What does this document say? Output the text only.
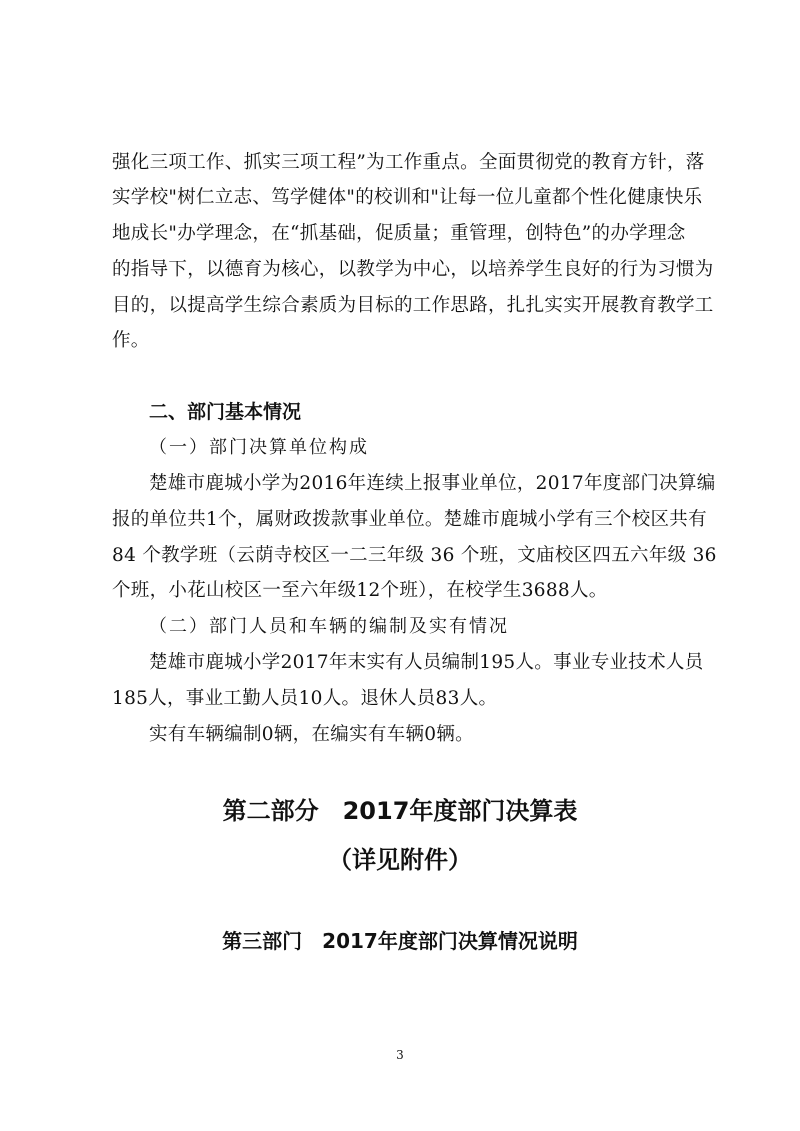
强化三项工作、抓实三项工程”为工作重点。全面贯彻党的教育方针，落
实学校"树仁立志、笃学健体"的校训和"让每一位儿童都个性化健康快乐
地成长"办学理念，在“抓基础，促质量；重管理，创特色”的办学理念
的指导下，以德育为核心，以教学为中心，以培养学生良好的行为习惯为
目的，以提高学生综合素质为目标的工作思路，扎扎实实开展教育教学工
作。
二、部门基本情况
（一）部门决算单位构成
楚雄市鹿城小学为2016年连续上报事业单位，2017年度部门决算编
报的单位共1个，属财政拨款事业单位。楚雄市鹿城小学有三个校区共有
84 个教学班（云荫寺校区一二三年级 36 个班，文庙校区四五六年级 36
个班，小花山校区一至六年级12个班），在校学生3688人。
（二）部门人员和车辆的编制及实有情况
楚雄市鹿城小学2017年末实有人员编制195人。事业专业技术人员
185人，事业工勤人员10人。退休人员83人。
实有车辆编制0辆，在编实有车辆0辆。
第二部分　2017年度部门决算表
（详见附件）
第三部门　2017年度部门决算情况说明
3
